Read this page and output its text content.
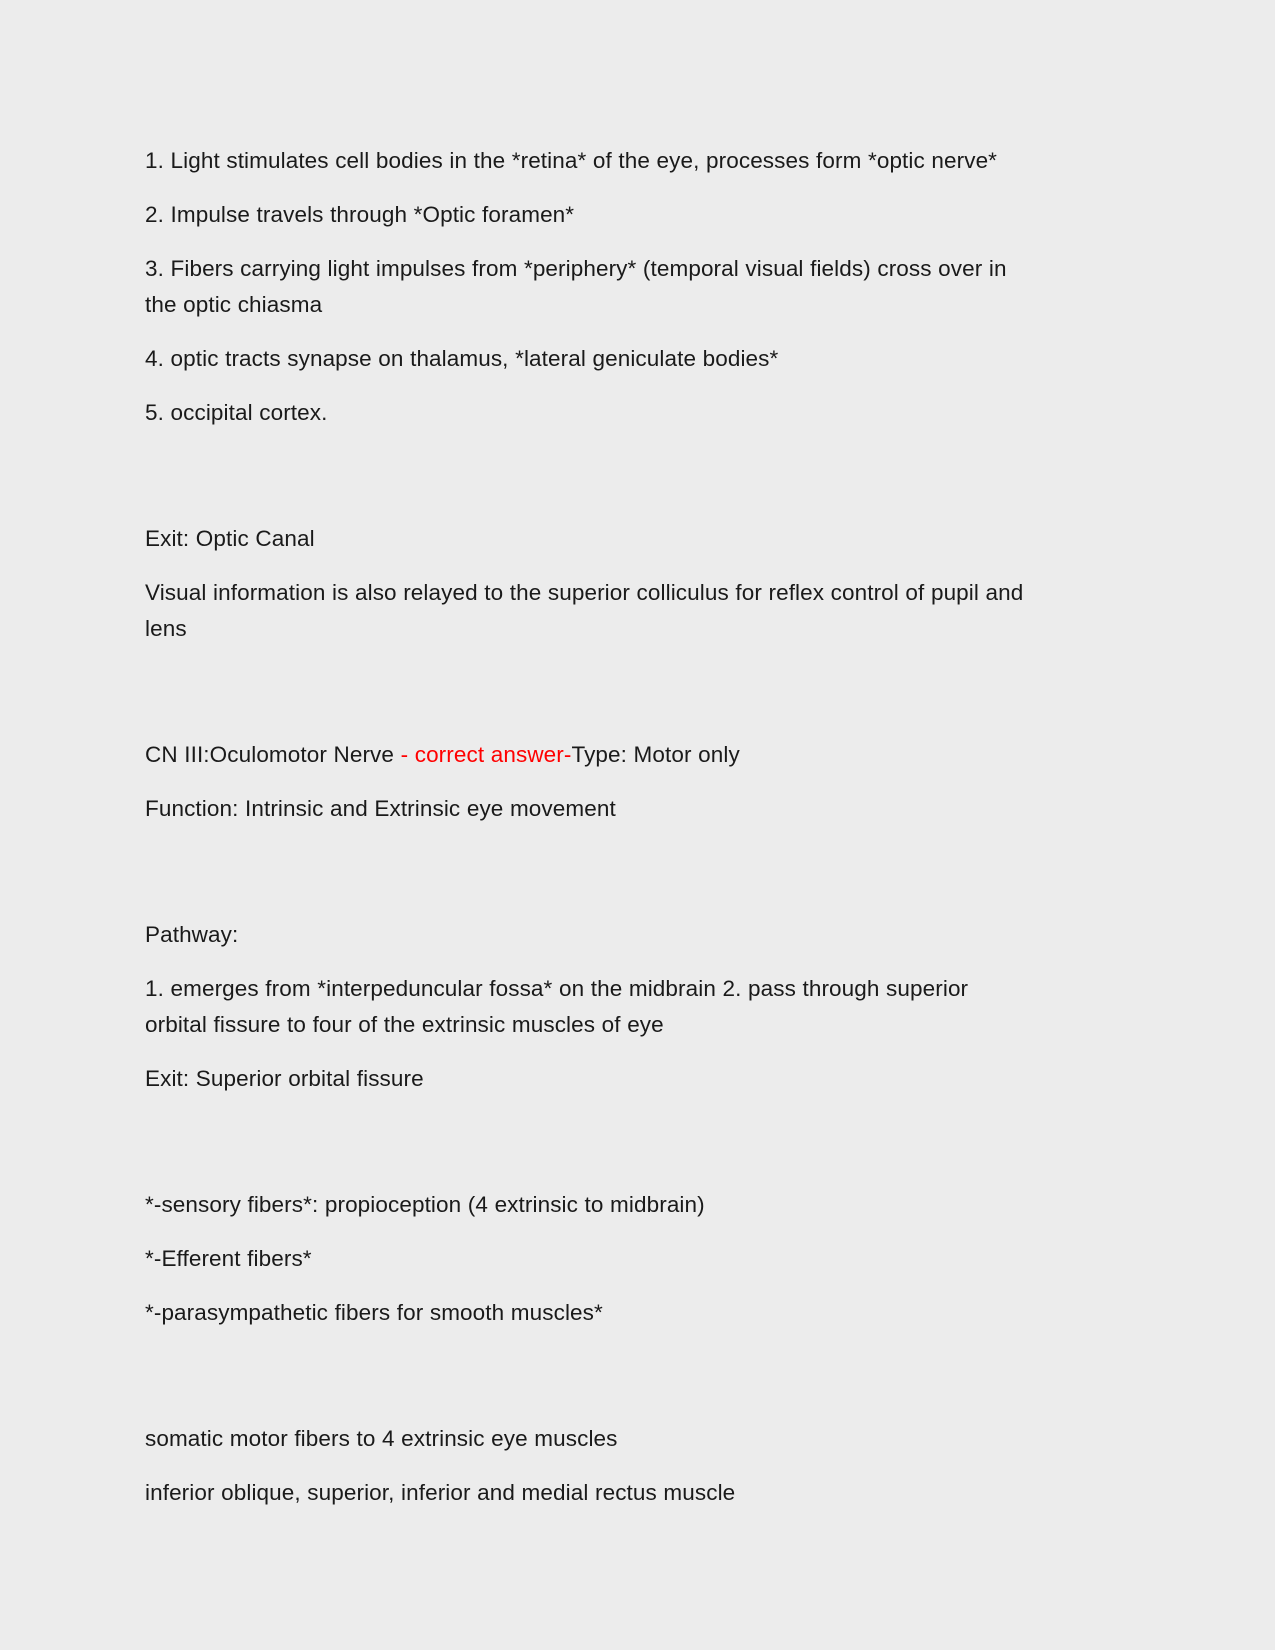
1. Light stimulates cell bodies in the *retina* of the eye, processes form *optic nerve*

2. Impulse travels through *Optic foramen*

3. Fibers carrying light impulses from *periphery* (temporal visual fields) cross over in the optic chiasma

4. optic tracts synapse on thalamus, *lateral geniculate bodies*

5. occipital cortex.

Exit: Optic Canal

Visual information is also relayed to the superior colliculus for reflex control of pupil and lens

CN III:Oculomotor Nerve - correct answer-Type: Motor only

Function: Intrinsic and Extrinsic eye movement

Pathway:

1. emerges from *interpeduncular fossa* on the midbrain 2. pass through superior orbital fissure to four of the extrinsic muscles of eye

Exit: Superior orbital fissure

*-sensory fibers*: propioception (4 extrinsic to midbrain)

*-Efferent fibers*

*-parasympathetic fibers for smooth muscles*

somatic motor fibers to 4 extrinsic eye muscles

inferior oblique, superior, inferior and medial rectus muscle
